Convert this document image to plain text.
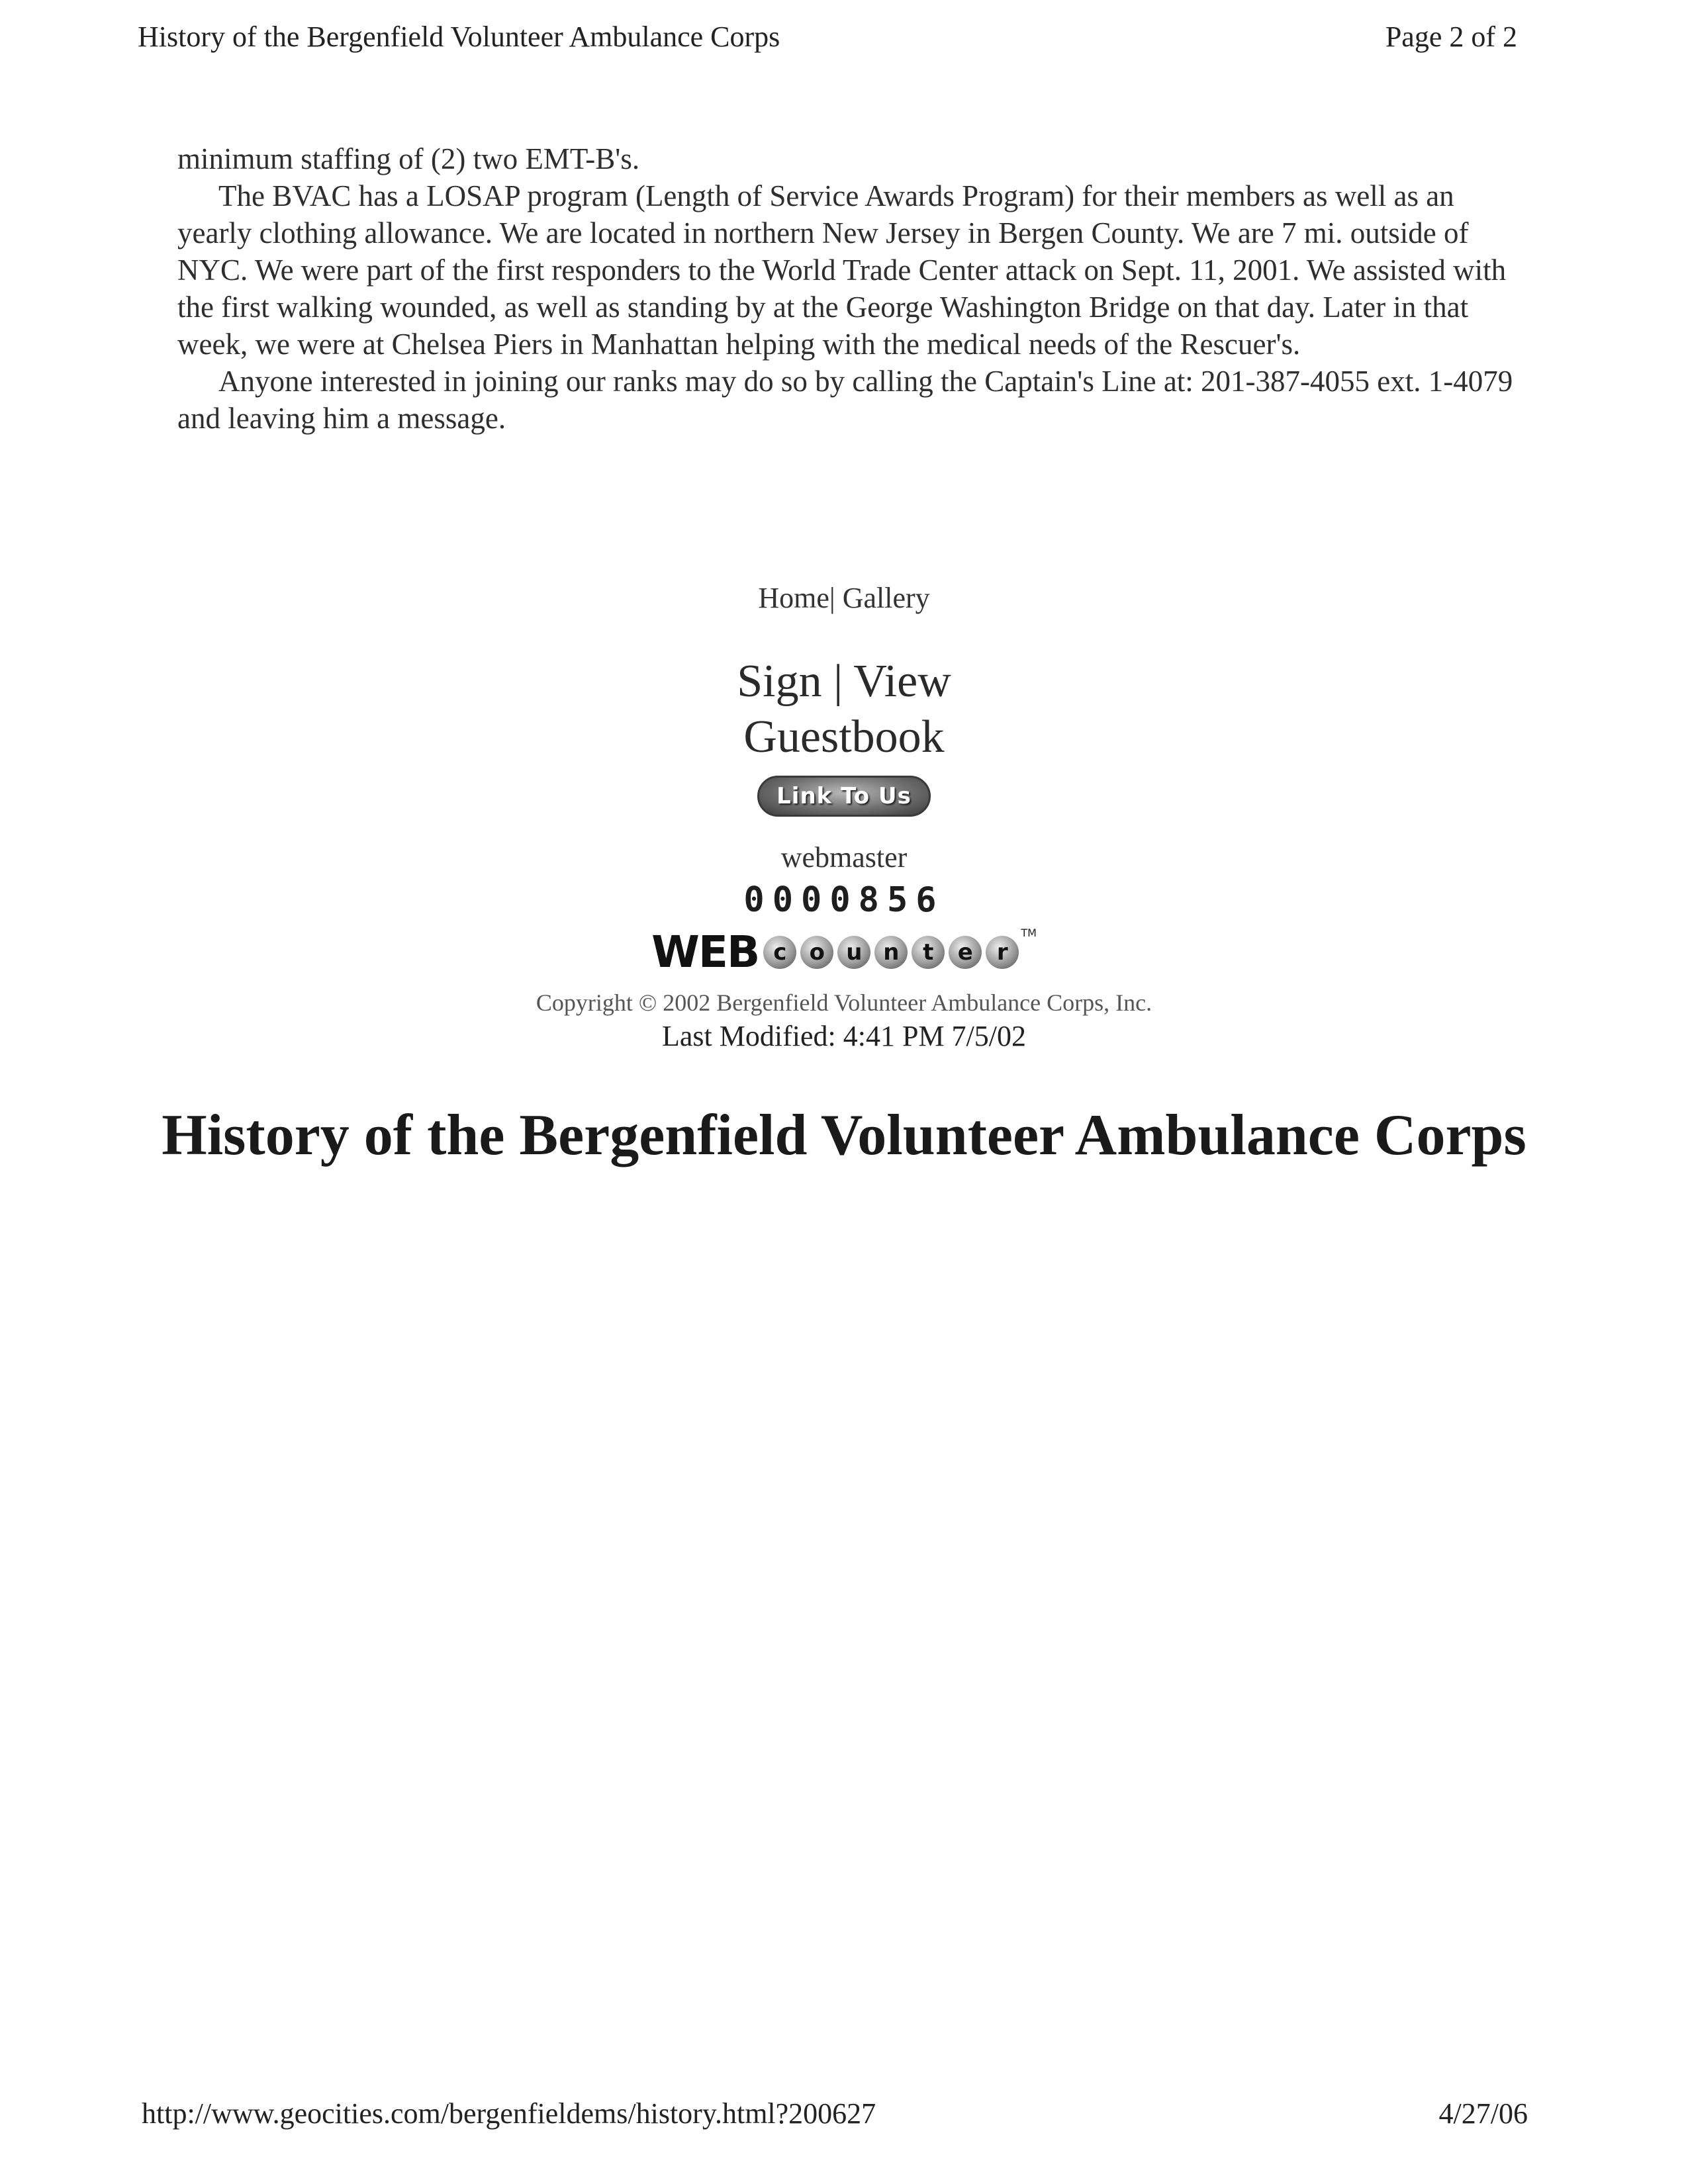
History of the Bergenfield Volunteer Ambulance Corps	Page 2 of 2

minimum staffing of (2) two EMT-B's.

The BVAC has a LOSAP program (Length of Service Awards Program) for their members as well as an yearly clothing allowance. We are located in northern New Jersey in Bergen County. We are 7 mi. outside of NYC. We were part of the first responders to the World Trade Center attack on Sept. 11, 2001. We assisted with the first walking wounded, as well as standing by at the George Washington Bridge on that day. Later in that week, we were at Chelsea Piers in Manhattan helping with the medical needs of the Rescuer's.

Anyone interested in joining our ranks may do so by calling the Captain's Line at: 201-387-4055 ext. 1-4079 and leaving him a message.

Home| Gallery
Sign | View
Guestbook
Link To Us
webmaster
0000856
WEB c o u n t e rTM
Copyright © 2002 Bergenfield Volunteer Ambulance Corps, Inc.
Last Modified: 4:41 PM 7/5/02
History of the Bergenfield Volunteer Ambulance Corps
http://www.geocities.com/bergenfieldems/history.html?200627	4/27/06
